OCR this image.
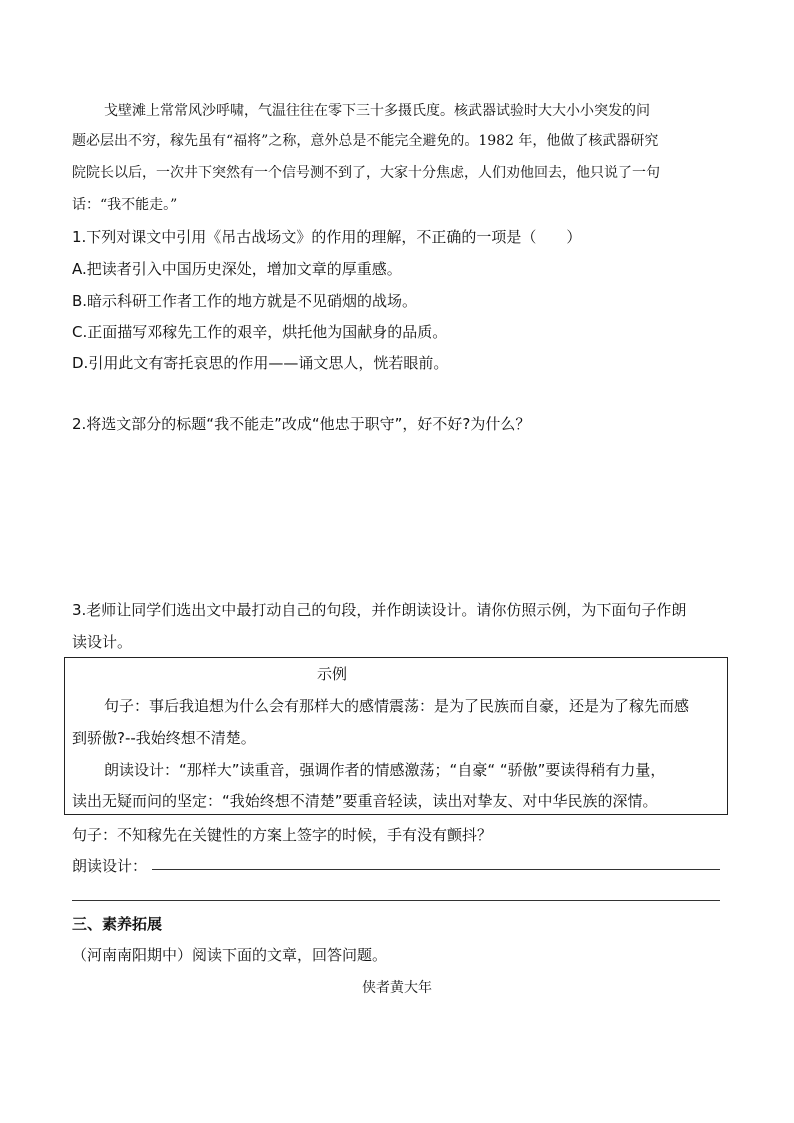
戈壁滩上常常风沙呼啸，气温往往在零下三十多摄氏度。核武器试验时大大小小突发的问
题必层出不穷，稼先虽有“福将”之称，意外总是不能完全避免的。1982 年，他做了核武器研究
院院长以后，一次井下突然有一个信号测不到了，大家十分焦虑，人们劝他回去，他只说了一句
话：“我不能走。”
1.下列对课文中引用《吊古战场文》的作用的理解，不正确的一项是（　　）
A.把读者引入中国历史深处，增加文章的厚重感。
B.暗示科研工作者工作的地方就是不见硝烟的战场。
C.正面描写邓稼先工作的艰辛，烘托他为国献身的品质。
D.引用此文有寄托哀思的作用——诵文思人，恍若眼前。
2.将选文部分的标题“我不能走”改成“他忠于职守”，好不好?为什么？
3.老师让同学们选出文中最打动自己的句段，并作朗读设计。请你仿照示例，为下面句子作朗
读设计。
示例
句子：事后我追想为什么会有那样大的感情震荡：是为了民族而自豪，还是为了稼先而感
到骄傲?--我始终想不清楚。
朗读设计：“那样大”读重音，强调作者的情感激荡；“自豪“ “骄傲”要读得稍有力量，
读出无疑而问的坚定：“我始终想不清楚”要重音轻读，读出对挚友、对中华民族的深情。
句子：不知稼先在关键性的方案上签字的时候，手有没有颤抖？
朗读设计：
三、素养拓展
（河南南阳期中）阅读下面的文章，回答问题。
侠者黄大年
